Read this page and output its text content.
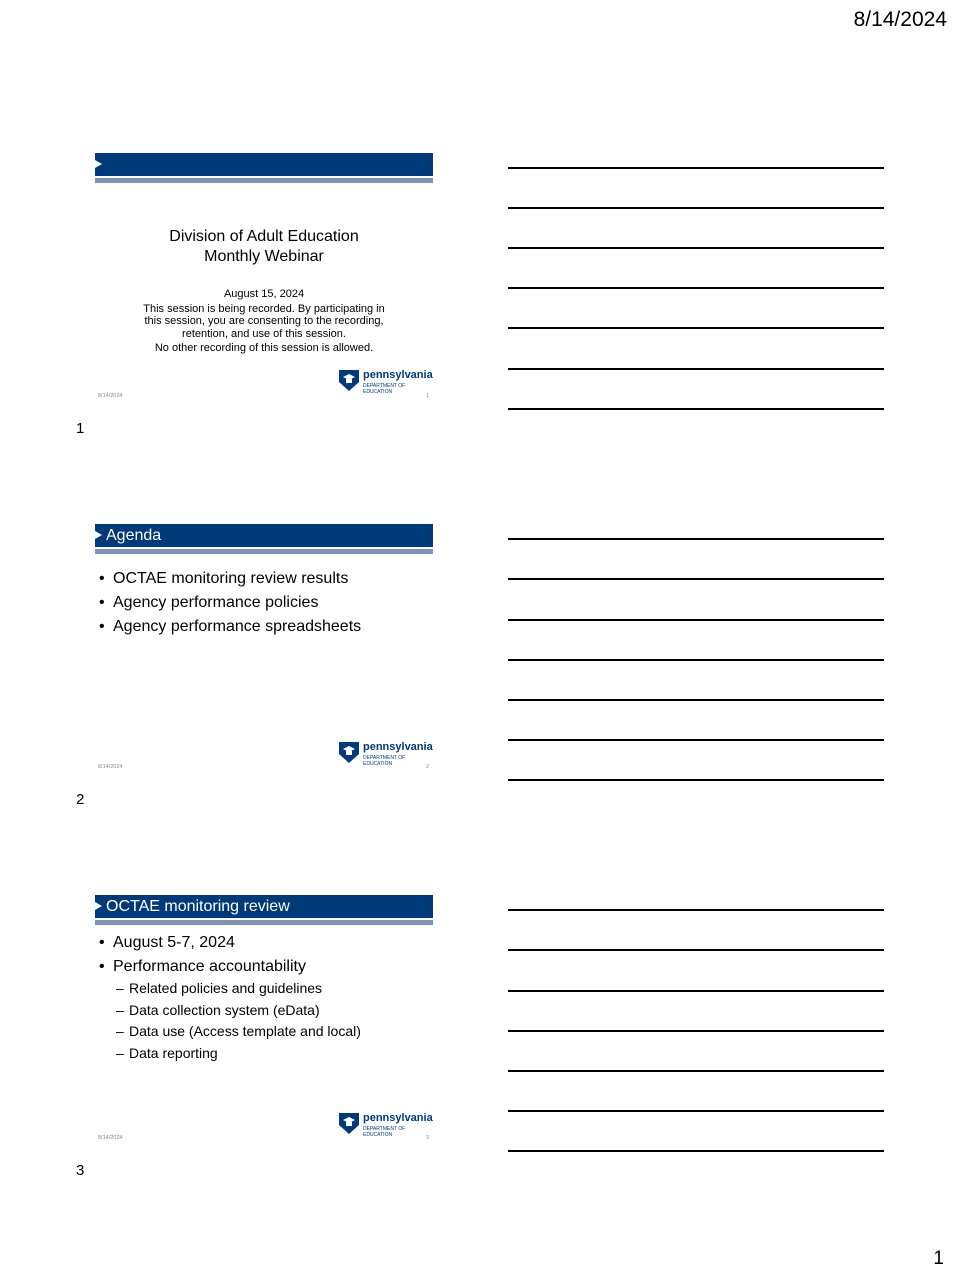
8/14/2024
Division of Adult Education
Monthly Webinar
August 15, 2024
This session is being recorded. By participating in
this session, you are consenting to the recording,
retention, and use of this session.
No other recording of this session is allowed.
pennsylvania
DEPARTMENT OF EDUCATION
8/14/2024	1
1
Agenda
• OCTAE monitoring review results
• Agency performance policies
• Agency performance spreadsheets
pennsylvania
DEPARTMENT OF EDUCATION
8/14/2024	2
2
OCTAE monitoring review
• August 5-7, 2024
• Performance accountability
– Related policies and guidelines
– Data collection system (eData)
– Data use (Access template and local)
– Data reporting
pennsylvania
DEPARTMENT OF EDUCATION
8/14/2024	3
3
1
